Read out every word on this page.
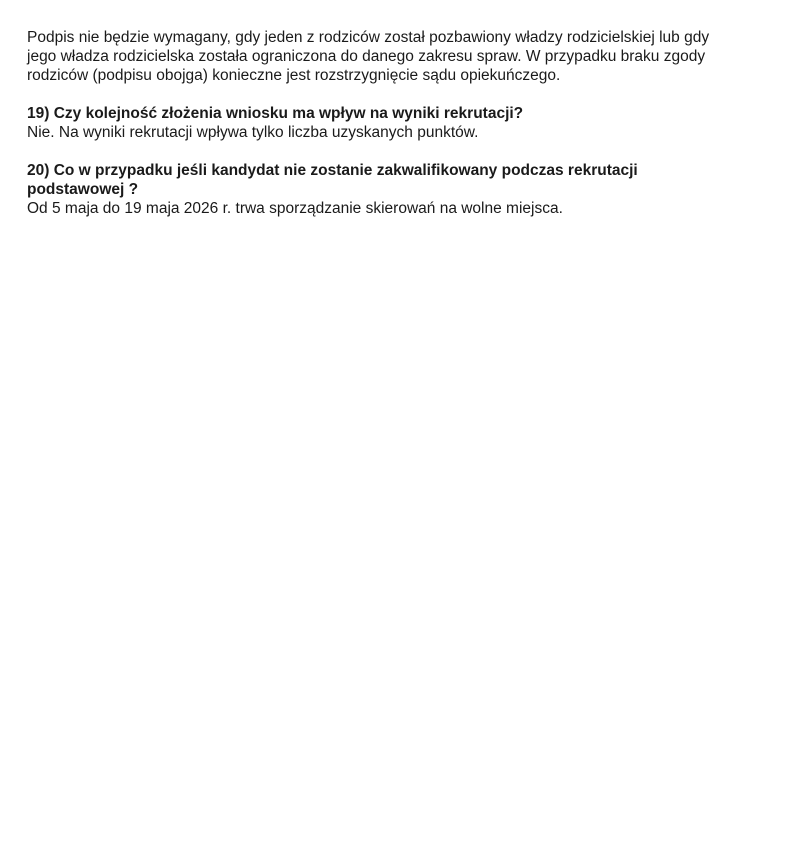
Podpis nie będzie wymagany, gdy jeden z rodziców został pozbawiony władzy rodzicielskiej lub gdy jego władza rodzicielska została ograniczona do danego zakresu spraw. W przypadku braku zgody rodziców (podpisu obojga) konieczne jest rozstrzygnięcie sądu opiekuńczego.

19) Czy kolejność złożenia wniosku ma wpływ na wyniki rekrutacji?

Nie. Na wyniki rekrutacji wpływa tylko liczba uzyskanych punktów.

20) Co w przypadku jeśli kandydat nie zostanie zakwalifikowany podczas rekrutacji podstawowej ?

Od 5 maja do 19 maja 2026 r. trwa sporządzanie skierowań na wolne miejsca.
